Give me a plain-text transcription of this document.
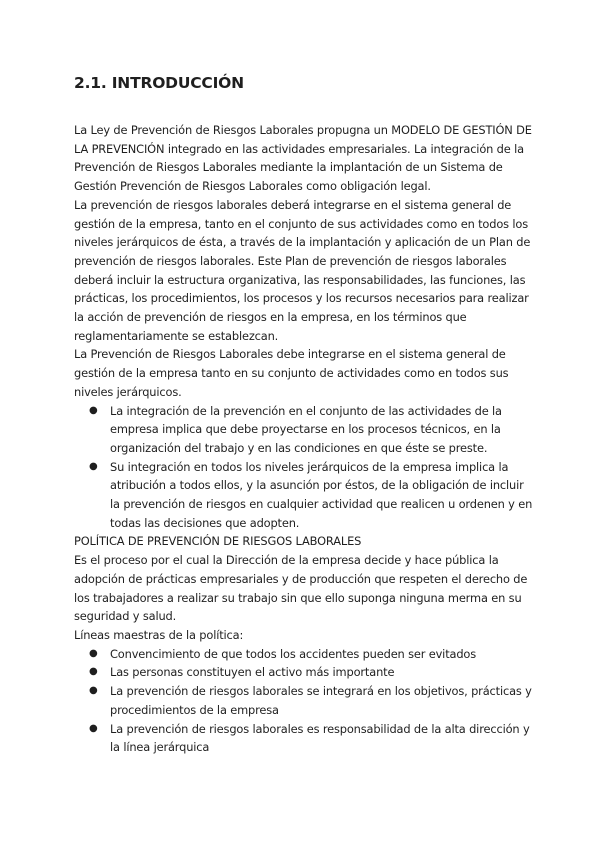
2.1. INTRODUCCIÓN

La Ley de Prevención de Riesgos Laborales propugna un MODELO DE GESTIÓN DE LA PREVENCIÓN integrado en las actividades empresariales. La integración de la Prevención de Riesgos Laborales mediante la implantación de un Sistema de Gestión Prevención de Riesgos Laborales como obligación legal.

La prevención de riesgos laborales deberá integrarse en el sistema general de gestión de la empresa, tanto en el conjunto de sus actividades como en todos los niveles jerárquicos de ésta, a través de la implantación y aplicación de un Plan de prevención de riesgos laborales. Este Plan de prevención de riesgos laborales deberá incluir la estructura organizativa, las responsabilidades, las funciones, las prácticas, los procedimientos, los procesos y los recursos necesarios para realizar la acción de prevención de riesgos en la empresa, en los términos que reglamentariamente se establezcan.

La Prevención de Riesgos Laborales debe integrarse en el sistema general de gestión de la empresa tanto en su conjunto de actividades como en todos sus niveles jerárquicos.

● La integración de la prevención en el conjunto de las actividades de la empresa implica que debe proyectarse en los procesos técnicos, en la organización del trabajo y en las condiciones en que éste se preste.
● Su integración en todos los niveles jerárquicos de la empresa implica la atribución a todos ellos, y la asunción por éstos, de la obligación de incluir la prevención de riesgos en cualquier actividad que realicen u ordenen y en todas las decisiones que adopten.

POLÍTICA DE PREVENCIÓN DE RIESGOS LABORALES

Es el proceso por el cual la Dirección de la empresa decide y hace pública la adopción de prácticas empresariales y de producción que respeten el derecho de los trabajadores a realizar su trabajo sin que ello suponga ninguna merma en su seguridad y salud.

Líneas maestras de la política:

● Convencimiento de que todos los accidentes pueden ser evitados
● Las personas constituyen el activo más importante
● La prevención de riesgos laborales se integrará en los objetivos, prácticas y procedimientos de la empresa
● La prevención de riesgos laborales es responsabilidad de la alta dirección y la línea jerárquica
